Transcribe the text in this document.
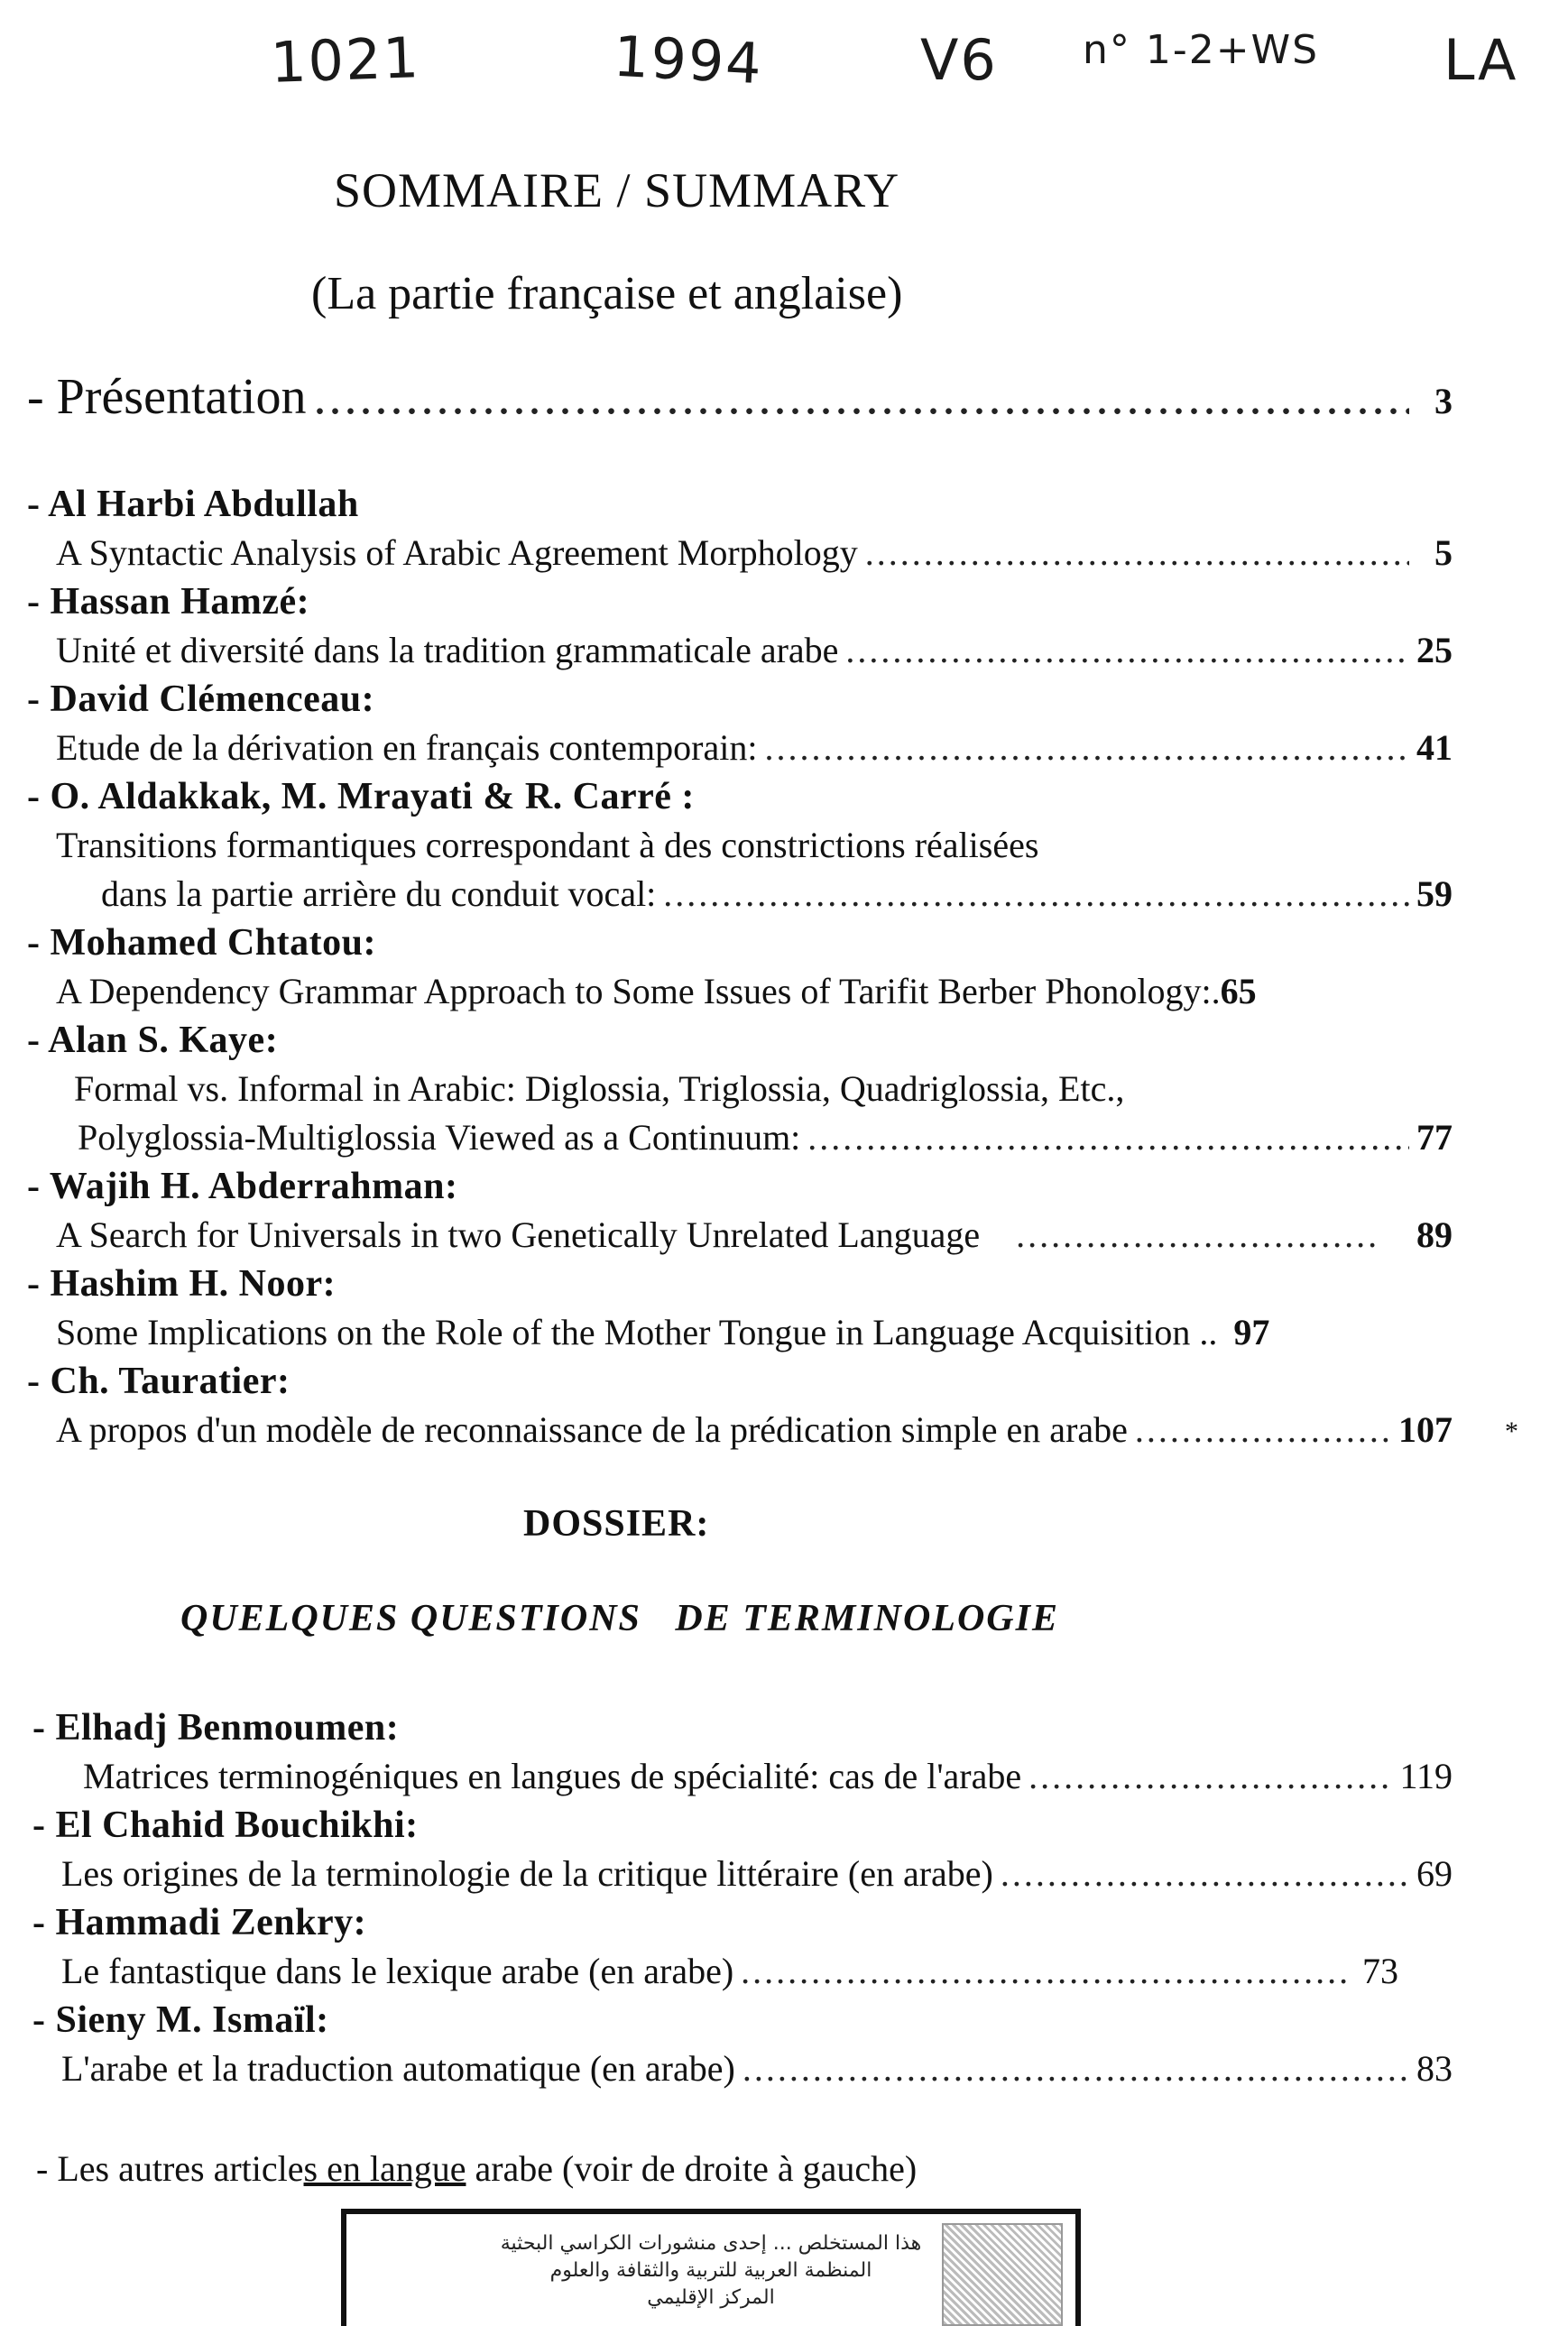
1021	1994	V6 n° 1-2+WS LA
SOMMAIRE / SUMMARY
(La partie française et anglaise)
- Présentation .....	3
- Al Harbi Abdullah
A Syntactic Analysis of Arabic Agreement Morphology .....	5
- Hassan Hamzé:
Unité et diversité dans la tradition grammaticale arabe .....	25
- David Clémenceau:
Etude de la dérivation en français contemporain: .....	41
- O. Aldakkak, M. Mrayati & R. Carré :
Transitions formantiques correspondant à des constrictions réalisées
dans la partie arrière du conduit vocal: .....	59
- Mohamed Chtatou:
A Dependency Grammar Approach to Some Issues of Tarifit Berber Phonology:. 65
- Alan S. Kaye:
Formal vs. Informal in Arabic: Diglossia, Triglossia, Quadriglossia, Etc.,
Polyglossia-Multiglossia Viewed as a Continuum: .....	77
- Wajih H. Abderrahman:
A Search for Universals in two Genetically Unrelated Language .....	89
- Hashim H. Noor:
Some Implications on the Role of the Mother Tongue in Language Acquisition .. 97
- Ch. Tauratier:
A propos d'un modèle de reconnaissance de la prédication simple en arabe .....	107 *
DOSSIER:
QUELQUES QUESTIONS   DE TERMINOLOGIE
- Elhadj Benmoumen:
Matrices terminogéniques en langues de spécialité: cas de l'arabe .....	119
- El Chahid Bouchikhi:
Les origines de la terminologie de la critique littéraire (en arabe) .....	69
- Hammadi Zenkry:
Le fantastique dans le lexique arabe (en arabe) .....	73
- Sieny M. Ismaïl:
L'arabe et la traduction automatique (en arabe) .....	83
- Les autres articles en langue arabe (voir de droite à gauche)
هذا المستخلص ... إحدى منشورات الكراسي البحثية
المنظمة العربية للتربية والثقافة والعلوم
المركز الإقليمي
